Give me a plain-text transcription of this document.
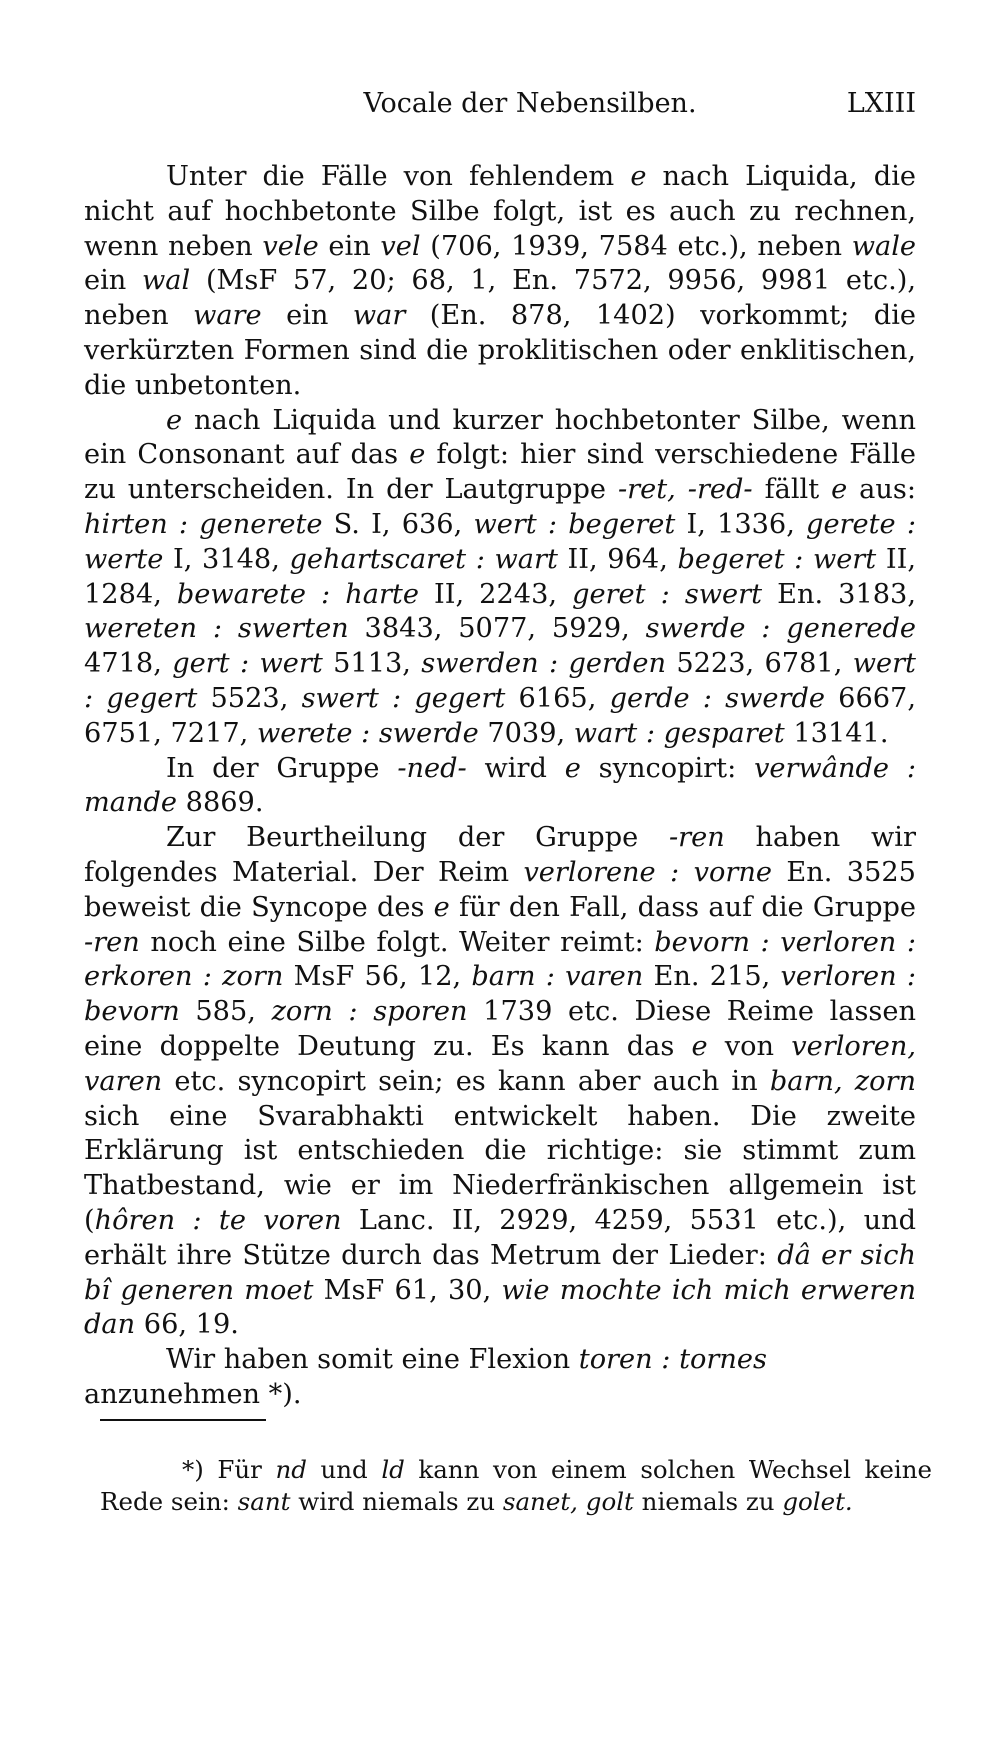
Vocale der Nebensilben.	LXIII

Unter die Fälle von fehlendem e nach Liquida, die nicht auf hochbetonte Silbe folgt, ist es auch zu rechnen, wenn neben vele ein vel (706, 1939, 7584 etc.), neben wale ein wal (MsF 57, 20; 68, 1, En. 7572, 9956, 9981 etc.), neben ware ein war (En. 878, 1402) vorkommt; die verkürzten Formen sind die proklitischen oder enklitischen, die unbetonten.

e nach Liquida und kurzer hochbetonter Silbe, wenn ein Consonant auf das e folgt: hier sind verschiedene Fälle zu unterscheiden. In der Lautgruppe -ret, -red- fällt e aus: hirten : generete S. I, 636, wert : begeret I, 1336, gerete : werte I, 3148, gehartscaret : wart II, 964, begeret : wert II, 1284, bewarete : harte II, 2243, geret : swert En. 3183, wereten : swerten 3843, 5077, 5929, swerde : generede 4718, gert : wert 5113, swerden : gerden 5223, 6781, wert : gegert 5523, swert : gegert 6165, gerde : swerde 6667, 6751, 7217, werete : swerde 7039, wart : gesparet 13141.

In der Gruppe -ned- wird e syncopirt: verwânde : mande 8869.

Zur Beurtheilung der Gruppe -ren haben wir folgendes Material. Der Reim verlorene : vorne En. 3525 beweist die Syncope des e für den Fall, dass auf die Gruppe -ren noch eine Silbe folgt. Weiter reimt: bevorn : verloren : erkoren : zorn MsF 56, 12, barn : varen En. 215, verloren : bevorn 585, zorn : sporen 1739 etc. Diese Reime lassen eine doppelte Deutung zu. Es kann das e von verloren, varen etc. syncopirt sein; es kann aber auch in barn, zorn sich eine Svarabhakti entwickelt haben. Die zweite Erklärung ist entschieden die richtige: sie stimmt zum Thatbestand, wie er im Niederfränkischen allgemein ist (hôren : te voren Lanc. II, 2929, 4259, 5531 etc.), und erhält ihre Stütze durch das Metrum der Lieder: dâ er sich bî generen moet MsF 61, 30, wie mochte ich mich erweren dan 66, 19.

Wir haben somit eine Flexion toren : tornes anzunehmen *).

*) Für nd und ld kann von einem solchen Wechsel keine Rede sein: sant wird niemals zu sanet, golt niemals zu golet.
